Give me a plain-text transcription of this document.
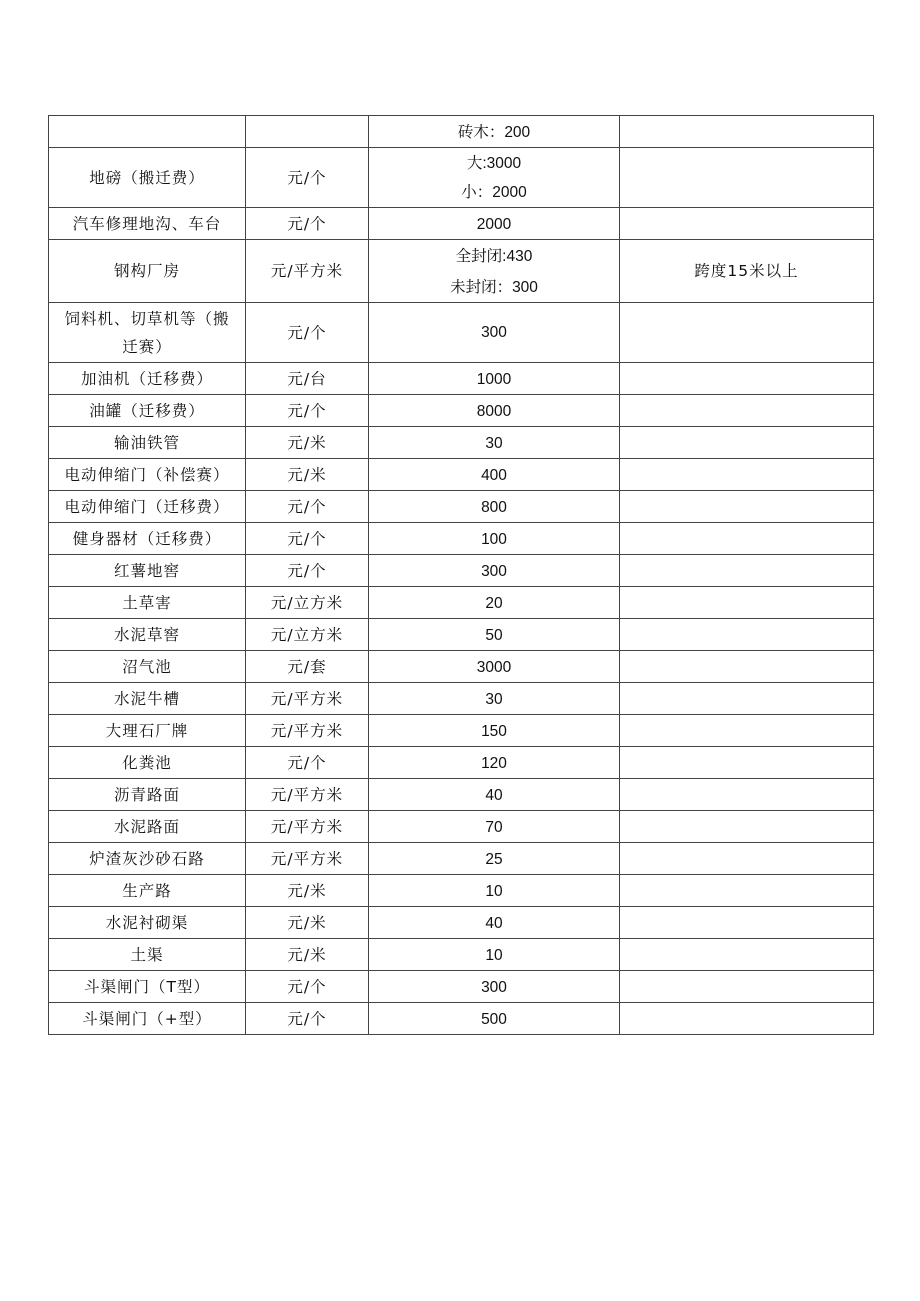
		砖木：200	

地磅（搬迁费）	元/个	大:3000
小：2000	

汽车修理地沟、车台	元/个	2000	

钢构厂房	元/平方米	全封闭:430
未封闭：300	跨度15米以上

饲料机、切草机等（搬
迁赛）	元/个	300	

加油机（迁移费）	元/台	1000	

油罐（迁移费）	元/个	8000	

输油铁管	元/米	30	

电动伸缩门（补偿赛）	元/米	400	

电动伸缩门（迁移费）	元/个	800	

健身器材（迁移费）	元/个	100	

红薯地窖	元/个	300	

土草害	元/立方米	20	

水泥草窖	元/立方米	50	

沼气池	元/套	3000	

水泥牛槽	元/平方米	30	

大理石厂牌	元/平方米	150	

化粪池	元/个	120	

沥青路面	元/平方米	40	

水泥路面	元/平方米	70	

炉渣灰沙砂石路	元/平方米	25	

生产路	元/米	10	

水泥衬砌渠	元/米	40	

土渠	元/米	10	

斗渠闸门（T型）	元/个	300	

斗渠闸门（+型）	元/个	500	
